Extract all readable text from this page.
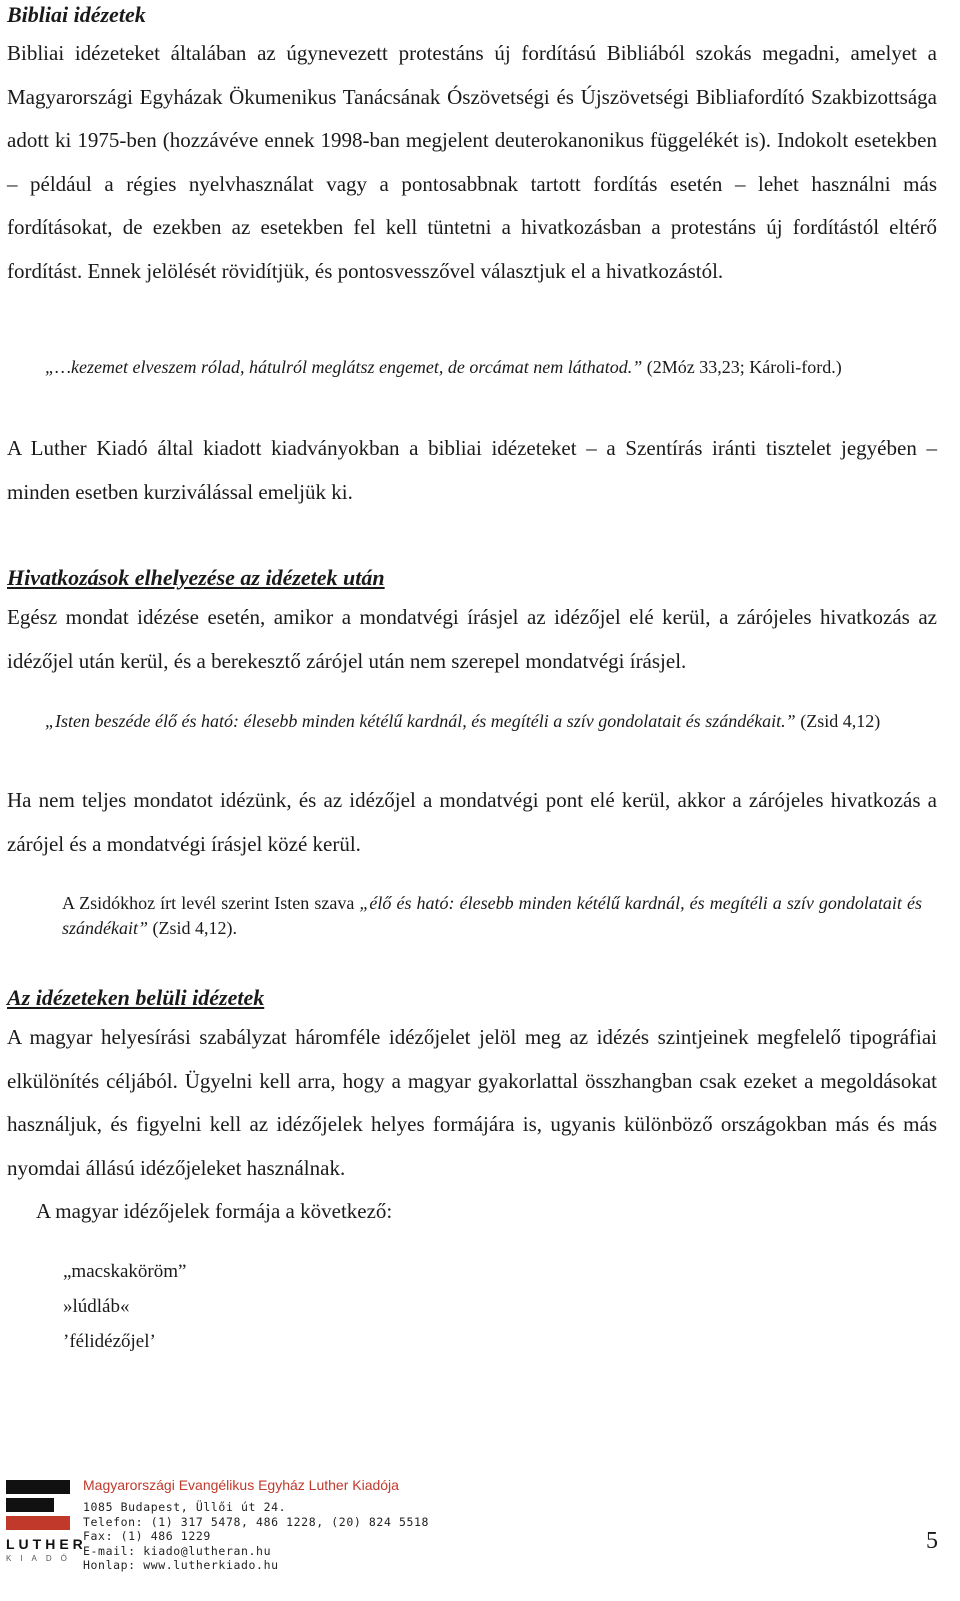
Bibliai idézetek

Bibliai idézeteket általában az úgynevezett protestáns új fordítású Bibliából szokás megadni, amelyet a Magyarországi Egyházak Ökumenikus Tanácsának Ószövetségi és Újszövetségi Bibliafordító Szakbizottsága adott ki 1975-ben (hozzávéve ennek 1998-ban megjelent deuterokanonikus függelékét is). Indokolt esetekben – például a régies nyelvhasználat vagy a pontosabbnak tartott fordítás esetén – lehet használni más fordításokat, de ezekben az esetekben fel kell tüntetni a hivatkozásban a protestáns új fordítástól eltérő fordítást. Ennek jelölését rövidítjük, és pontosvesszővel választjuk el a hivatkozástól.

„…kezemet elveszem rólad, hátulról meglátsz engemet, de orcámat nem láthatod.” (2Móz 33,23; Károli-ford.)

A Luther Kiadó által kiadott kiadványokban a bibliai idézeteket – a Szentírás iránti tisztelet jegyében – minden esetben kurziválással emeljük ki.

Hivatkozások elhelyezése az idézetek után

Egész mondat idézése esetén, amikor a mondatvégi írásjel az idézőjel elé kerül, a zárójeles hivatkozás az idézőjel után kerül, és a berekesztő zárójel után nem szerepel mondatvégi írásjel.

„Isten beszéde élő és ható: élesebb minden kétélű kardnál, és megítéli a szív gondolatait és szándékait.” (Zsid 4,12)

Ha nem teljes mondatot idézünk, és az idézőjel a mondatvégi pont elé kerül, akkor a zárójeles hivatkozás a zárójel és a mondatvégi írásjel közé kerül.

A Zsidókhoz írt levél szerint Isten szava „élő és ható: élesebb minden kétélű kardnál, és megítéli a szív gondolatait és szándékait” (Zsid 4,12).

Az idézeteken belüli idézetek

A magyar helyesírási szabályzat háromféle idézőjelet jelöl meg az idézés szintjeinek megfelelő tipográfiai elkülönítés céljából. Ügyelni kell arra, hogy a magyar gyakorlattal összhangban csak ezeket a megoldásokat használjuk, és figyelni kell az idézőjelek helyes formájára is, ugyanis különböző országokban más és más nyomdai állású idézőjeleket használnak.

A magyar idézőjelek formája a következő:

„macskaköröm”
»lúdláb«
’félidézőjel’
LUTHER
KIADÓ

Magyarországi Evangélikus Egyház Luther Kiadója

1085 Budapest, Üllői út 24.
Telefon: (1) 317 5478, 486 1228, (20) 824 5518
Fax: (1) 486 1229
E-mail: kiado@lutheran.hu
Honlap: www.lutherkiado.hu

5
